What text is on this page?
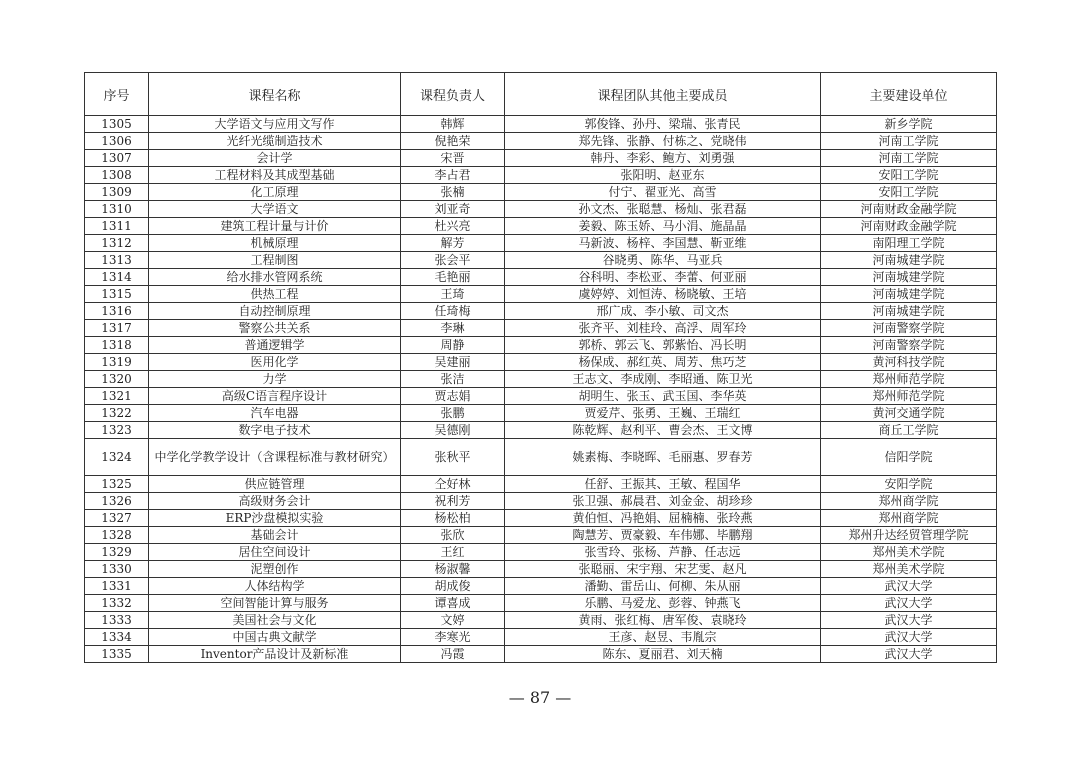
序号	课程名称	课程负责人	课程团队其他主要成员	主要建设单位
1305	大学语文与应用文写作	韩辉	郭俊锋、孙丹、梁瑞、张青民	新乡学院
1306	光纤光缆制造技术	倪艳荣	郑先锋、张静、付栋之、党晓伟	河南工学院
1307	会计学	宋晋	韩丹、李彩、鲍方、刘勇强	河南工学院
1308	工程材料及其成型基础	李占君	张阳明、赵亚东	安阳工学院
1309	化工原理	张楠	付宁、翟亚光、高雪	安阳工学院
1310	大学语文	刘亚奇	孙文杰、张聪慧、杨灿、张君磊	河南财政金融学院
1311	建筑工程计量与计价	杜兴亮	姜毅、陈玉娇、马小涓、施晶晶	河南财政金融学院
1312	机械原理	解芳	马新波、杨梓、李国慧、靳亚维	南阳理工学院
1313	工程制图	张会平	谷晓勇、陈华、马亚兵	河南城建学院
1314	给水排水管网系统	毛艳丽	谷科明、李松亚、李蕾、何亚丽	河南城建学院
1315	供热工程	王琦	虞婷婷、刘恒涛、杨晓敏、王培	河南城建学院
1316	自动控制原理	任琦梅	邢广成、李小敏、司文杰	河南城建学院
1317	警察公共关系	李琳	张齐平、刘桂玲、高浮、周军玲	河南警察学院
1318	普通逻辑学	周静	郭桥、郭云飞、郭紫怡、冯长明	河南警察学院
1319	医用化学	吴建丽	杨保成、郝红英、周芳、焦巧芝	黄河科技学院
1320	力学	张洁	王志文、李成刚、李昭通、陈卫光	郑州师范学院
1321	高级C语言程序设计	贾志娟	胡明生、张玉、武玉国、李华英	郑州师范学院
1322	汽车电器	张鹏	贾爱芹、张勇、王巍、王瑞红	黄河交通学院
1323	数字电子技术	吴德刚	陈乾辉、赵利平、曹会杰、王文博	商丘工学院
1324	中学化学教学设计（含课程标准与教材研究）	张秋平	姚素梅、李晓晖、毛丽惠、罗春芳	信阳学院
1325	供应链管理	仝好林	任舒、王振其、王敏、程国华	安阳学院
1326	高级财务会计	祝利芳	张卫强、郝晨君、刘金金、胡珍珍	郑州商学院
1327	ERP沙盘模拟实验	杨松柏	黄伯恒、冯艳娟、屈楠楠、张玲燕	郑州商学院
1328	基础会计	张欣	陶慧芳、贾豪毅、车伟娜、毕鹏翔	郑州升达经贸管理学院
1329	居住空间设计	王红	张雪玲、张杨、芦静、任志远	郑州美术学院
1330	泥塑创作	杨淑馨	张聪丽、宋宇翔、宋艺雯、赵凡	郑州美术学院
1331	人体结构学	胡成俊	潘勤、雷岳山、何柳、朱从丽	武汉大学
1332	空间智能计算与服务	谭喜成	乐鹏、马爱龙、彭蓉、钟燕飞	武汉大学
1333	美国社会与文化	文婷	黄雨、张红梅、唐军俊、袁晓玲	武汉大学
1334	中国古典文献学	李寒光	王彦、赵昱、韦胤宗	武汉大学
1335	Inventor产品设计及新标准	冯霞	陈东、夏丽君、刘天楠	武汉大学
— 87 —
